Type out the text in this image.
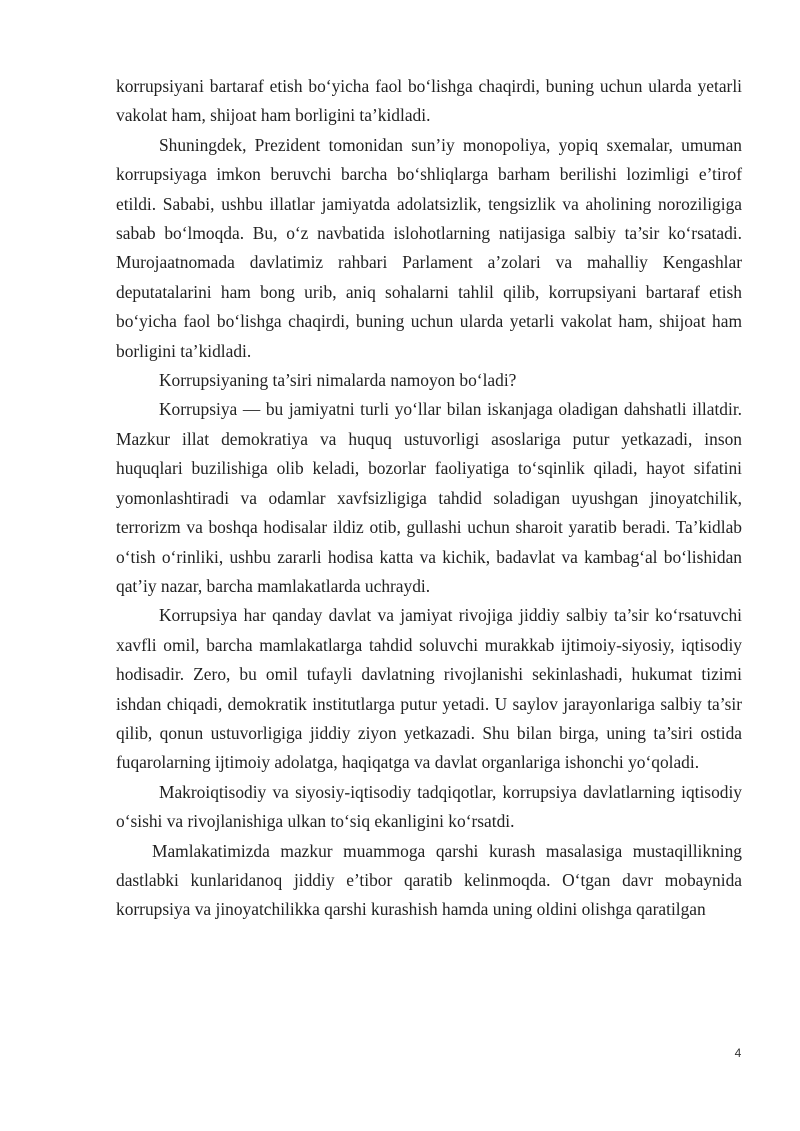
korrupsiyani bartaraf etish bo‘yicha faol bo‘lishga chaqirdi, buning uchun ularda yetarli vakolat ham, shijoat ham borligini ta’kidladi.

Shuningdek, Prezident tomonidan sun’iy monopoliya, yopiq sxemalar, umuman korrupsiyaga imkon beruvchi barcha bo‘shliqlarga barham berilishi lozimligi e’tirof etildi. Sababi, ushbu illatlar jamiyatda adolatsizlik, tengsizlik va aholining noroziligiga sabab bo‘lmoqda. Bu, o‘z navbatida islohotlarning natijasiga salbiy ta’sir ko‘rsatadi. Murojaatnomada davlatimiz rahbari Parlament a’zolari va mahalliy Kengashlar deputatalarini ham bong urib, aniq sohalarni tahlil qilib, korrupsiyani bartaraf etish bo‘yicha faol bo‘lishga chaqirdi, buning uchun ularda yetarli vakolat ham, shijoat ham borligini ta’kidladi.

Korrupsiyaning ta’siri nimalarda namoyon bo‘ladi?

Korrupsiya — bu jamiyatni turli yo‘llar bilan iskanjaga oladigan dahshatli illatdir. Mazkur illat demokratiya va huquq ustuvorligi asoslariga putur yetkazadi, inson huquqlari buzilishiga olib keladi, bozorlar faoliyatiga to‘sqinlik qiladi, hayot sifatini yomonlashtiradi va odamlar xavfsizligiga tahdid soladigan uyushgan jinoyatchilik, terrorizm va boshqa hodisalar ildiz otib, gullashi uchun sharoit yaratib beradi. Ta’kidlab o‘tish o‘rinliki, ushbu zararli hodisa katta va kichik, badavlat va kambag‘al bo‘lishidan qat’iy nazar, barcha mamlakatlarda uchraydi.

Korrupsiya har qanday davlat va jamiyat rivojiga jiddiy salbiy ta’sir ko‘rsatuvchi xavfli omil, barcha mamlakatlarga tahdid soluvchi murakkab ijtimoiy-siyosiy, iqtisodiy hodisadir. Zero, bu omil tufayli davlatning rivojlanishi sekinlashadi, hukumat tizimi ishdan chiqadi, demokratik institutlarga putur yetadi. U saylov jarayonlariga salbiy ta’sir qilib, qonun ustuvorligiga jiddiy ziyon yetkazadi. Shu bilan birga, uning ta’siri ostida fuqarolarning ijtimoiy adolatga, haqiqatga va davlat organlariga ishonchi yo‘qoladi.

Makroiqtisodiy va siyosiy-iqtisodiy tadqiqotlar, korrupsiya davlatlarning iqtisodiy o‘sishi va rivojlanishiga ulkan to‘siq ekanligini ko‘rsatdi.

Mamlakatimizda mazkur muammoga qarshi kurash masalasiga mustaqillikning dastlabki kunlaridanoq jiddiy e’tibor qaratib kelinmoqda. O‘tgan davr mobaynida korrupsiya va jinoyatchilikka qarshi kurashish hamda uning oldini olishga qaratilgan

4
